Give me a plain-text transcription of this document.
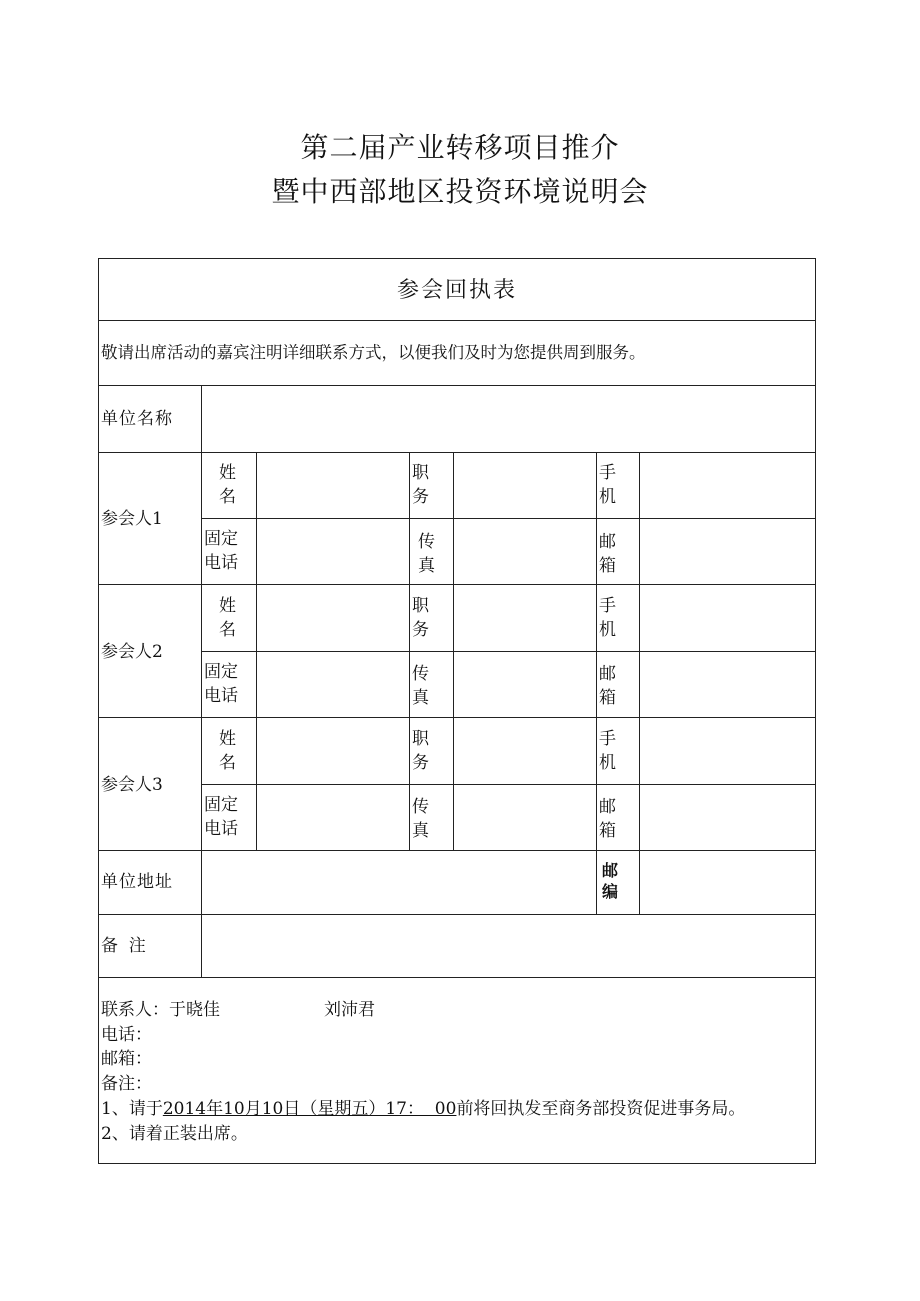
第二届产业转移项目推介
暨中西部地区投资环境说明会
参会回执表
敬请出席活动的嘉宾注明详细联系方式，以便我们及时为您提供周到服务。
单位名称
参会人1
姓
名
职
务
手
机
固定
电话
传
真
邮
箱
参会人2
姓
名
职
务
手
机
固定
电话
传
真
邮
箱
参会人3
姓
名
职
务
手
机
固定
电话
传
真
邮
箱
单位地址
邮
编
备  注
联系人：于晓佳	刘沛君
电话：
邮箱：
备注：
1、请于2014年10月10日（星期五）17：  00前将回执发至商务部投资促进事务局。
2、请着正装出席。
